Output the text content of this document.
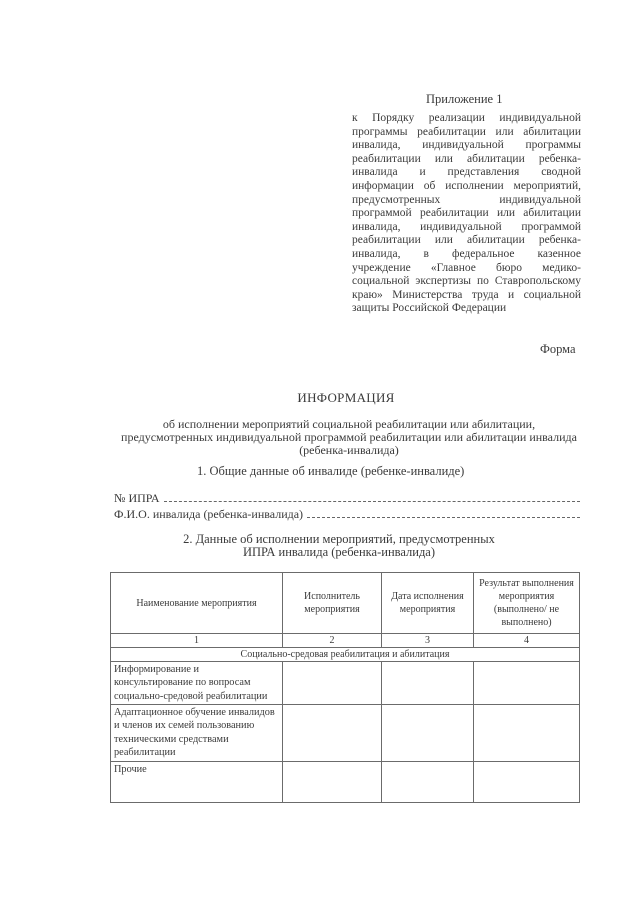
Приложение 1
к Порядку реализации индивидуальной программы реабилитации или абилитации инвалида, индивидуальной программы реабилитации или абилитации ребенка-инвалида и представления сводной информации об исполнении мероприятий, предусмотренных индивидуальной программой реабилитации или абилитации инвалида, индивидуальной программой реабилитации или абилитации ребенка-инвалида, в федеральное казенное учреждение «Главное бюро медико-социальной экспертизы по Ставропольскому краю» Министерства труда и социальной защиты Российской Федерации
Форма
ИНФОРМАЦИЯ
об исполнении мероприятий социальной реабилитации или абилитации, предусмотренных индивидуальной программой реабилитации или абилитации инвалида (ребенка-инвалида)
1. Общие данные об инвалиде (ребенке-инвалиде)
№ ИПРА
Ф.И.О. инвалида (ребенка-инвалида)
2. Данные об исполнении мероприятий, предусмотренных
ИПРА инвалида (ребенка-инвалида)
Наименование мероприятия	Исполнитель мероприятия	Дата исполнения мероприятия	Результат выполнения мероприятия (выполнено/ не выполнено)
1	2	3	4
Социально-средовая реабилитация и абилитация			
Информирование и консультирование по вопросам социально-средовой реабилитации			
Адаптационное обучение инвалидов и членов их семей пользованию техническими средствами реабилитации			
Прочие			
